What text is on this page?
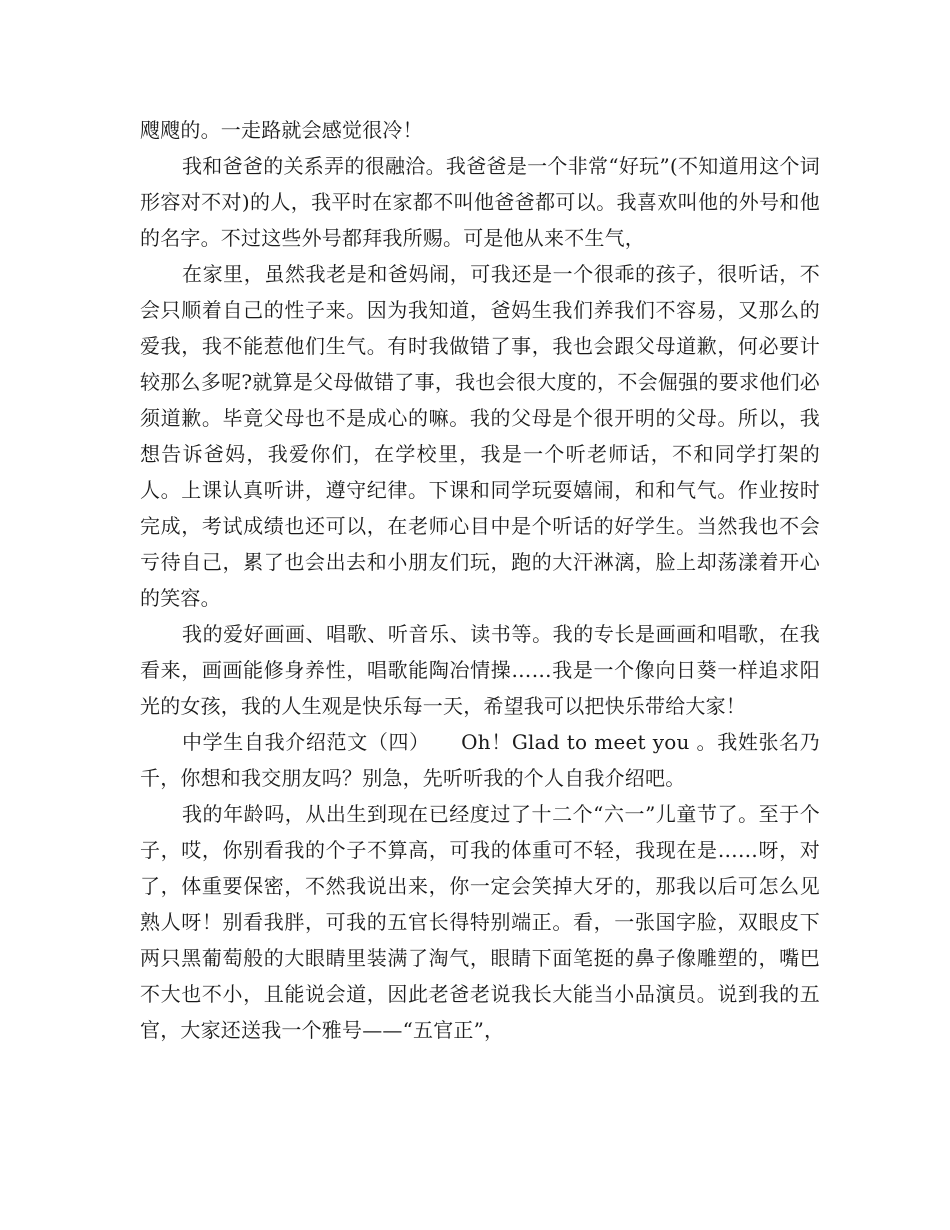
飕飕的。一走路就会感觉很冷！

我和爸爸的关系弄的很融洽。我爸爸是一个非常“好玩”(不知道用这个词形容对不对)的人，我平时在家都不叫他爸爸都可以。我喜欢叫他的外号和他的名字。不过这些外号都拜我所赐。可是他从来不生气，

在家里，虽然我老是和爸妈闹，可我还是一个很乖的孩子，很听话，不会只顺着自己的性子来。因为我知道，爸妈生我们养我们不容易，又那么的爱我，我不能惹他们生气。有时我做错了事，我也会跟父母道歉，何必要计较那么多呢?就算是父母做错了事，我也会很大度的，不会倔强的要求他们必须道歉。毕竟父母也不是成心的嘛。我的父母是个很开明的父母。所以，我想告诉爸妈，我爱你们，在学校里，我是一个听老师话，不和同学打架的人。上课认真听讲，遵守纪律。下课和同学玩耍嬉闹，和和气气。作业按时完成，考试成绩也还可以，在老师心目中是个听话的好学生。当然我也不会亏待自己，累了也会出去和小朋友们玩，跑的大汗淋漓，脸上却荡漾着开心的笑容。

我的爱好画画、唱歌、听音乐、读书等。我的专长是画画和唱歌，在我看来，画画能修身养性，唱歌能陶冶情操……我是一个像向日葵一样追求阳光的女孩，我的人生观是快乐每一天，希望我可以把快乐带给大家！

中学生自我介绍范文（四）　　Oh！Glad to meet you 。我姓张名乃千，你想和我交朋友吗？别急，先听听我的个人自我介绍吧。

我的年龄吗，从出生到现在已经度过了十二个“六一”儿童节了。至于个子，哎，你别看我的个子不算高，可我的体重可不轻，我现在是……呀，对了，体重要保密，不然我说出来，你一定会笑掉大牙的，那我以后可怎么见熟人呀！别看我胖，可我的五官长得特别端正。看，一张国字脸，双眼皮下两只黑葡萄般的大眼睛里装满了淘气，眼睛下面笔挺的鼻子像雕塑的，嘴巴不大也不小，且能说会道，因此老爸老说我长大能当小品演员。说到我的五官，大家还送我一个雅号——“五官正”，
